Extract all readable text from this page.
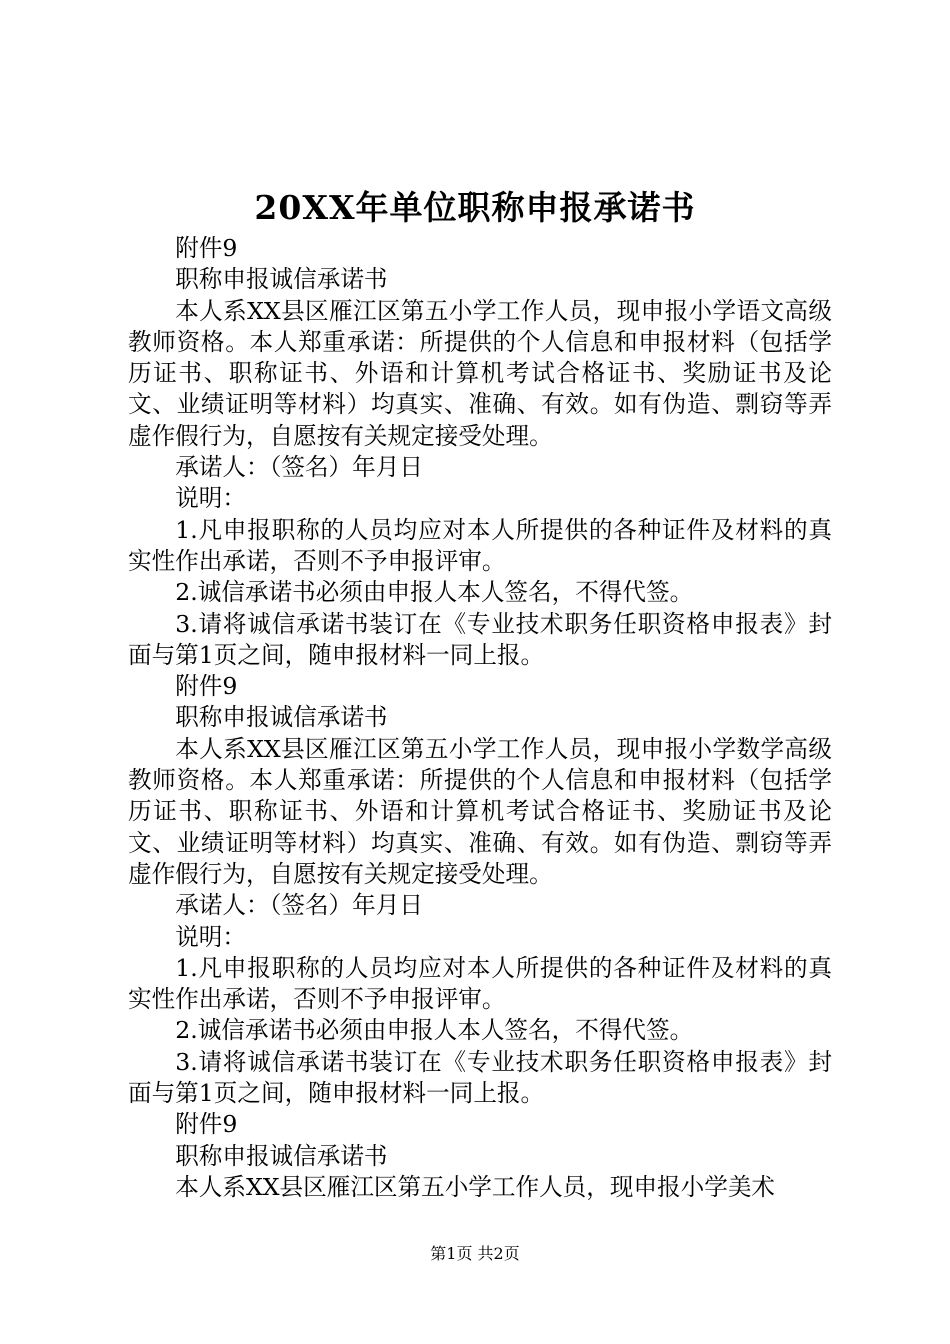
20XX年单位职称申报承诺书

附件9

职称申报诚信承诺书

本人系XX县区雁江区第五小学工作人员，现申报小学语文高级教师资格。本人郑重承诺：所提供的个人信息和申报材料（包括学历证书、职称证书、外语和计算机考试合格证书、奖励证书及论文、业绩证明等材料）均真实、准确、有效。如有伪造、剽窃等弄虚作假行为，自愿按有关规定接受处理。

承诺人：（签名）年月日

说明：

1.凡申报职称的人员均应对本人所提供的各种证件及材料的真实性作出承诺，否则不予申报评审。

2.诚信承诺书必须由申报人本人签名，不得代签。

3.请将诚信承诺书装订在《专业技术职务任职资格申报表》封面与第1页之间，随申报材料一同上报。

附件9

职称申报诚信承诺书

本人系XX县区雁江区第五小学工作人员，现申报小学数学高级教师资格。本人郑重承诺：所提供的个人信息和申报材料（包括学历证书、职称证书、外语和计算机考试合格证书、奖励证书及论文、业绩证明等材料）均真实、准确、有效。如有伪造、剽窃等弄虚作假行为，自愿按有关规定接受处理。

承诺人：（签名）年月日

说明：

1.凡申报职称的人员均应对本人所提供的各种证件及材料的真实性作出承诺，否则不予申报评审。

2.诚信承诺书必须由申报人本人签名，不得代签。

3.请将诚信承诺书装订在《专业技术职务任职资格申报表》封面与第1页之间，随申报材料一同上报。

附件9

职称申报诚信承诺书

本人系XX县区雁江区第五小学工作人员，现申报小学美术

第1页 共2页
